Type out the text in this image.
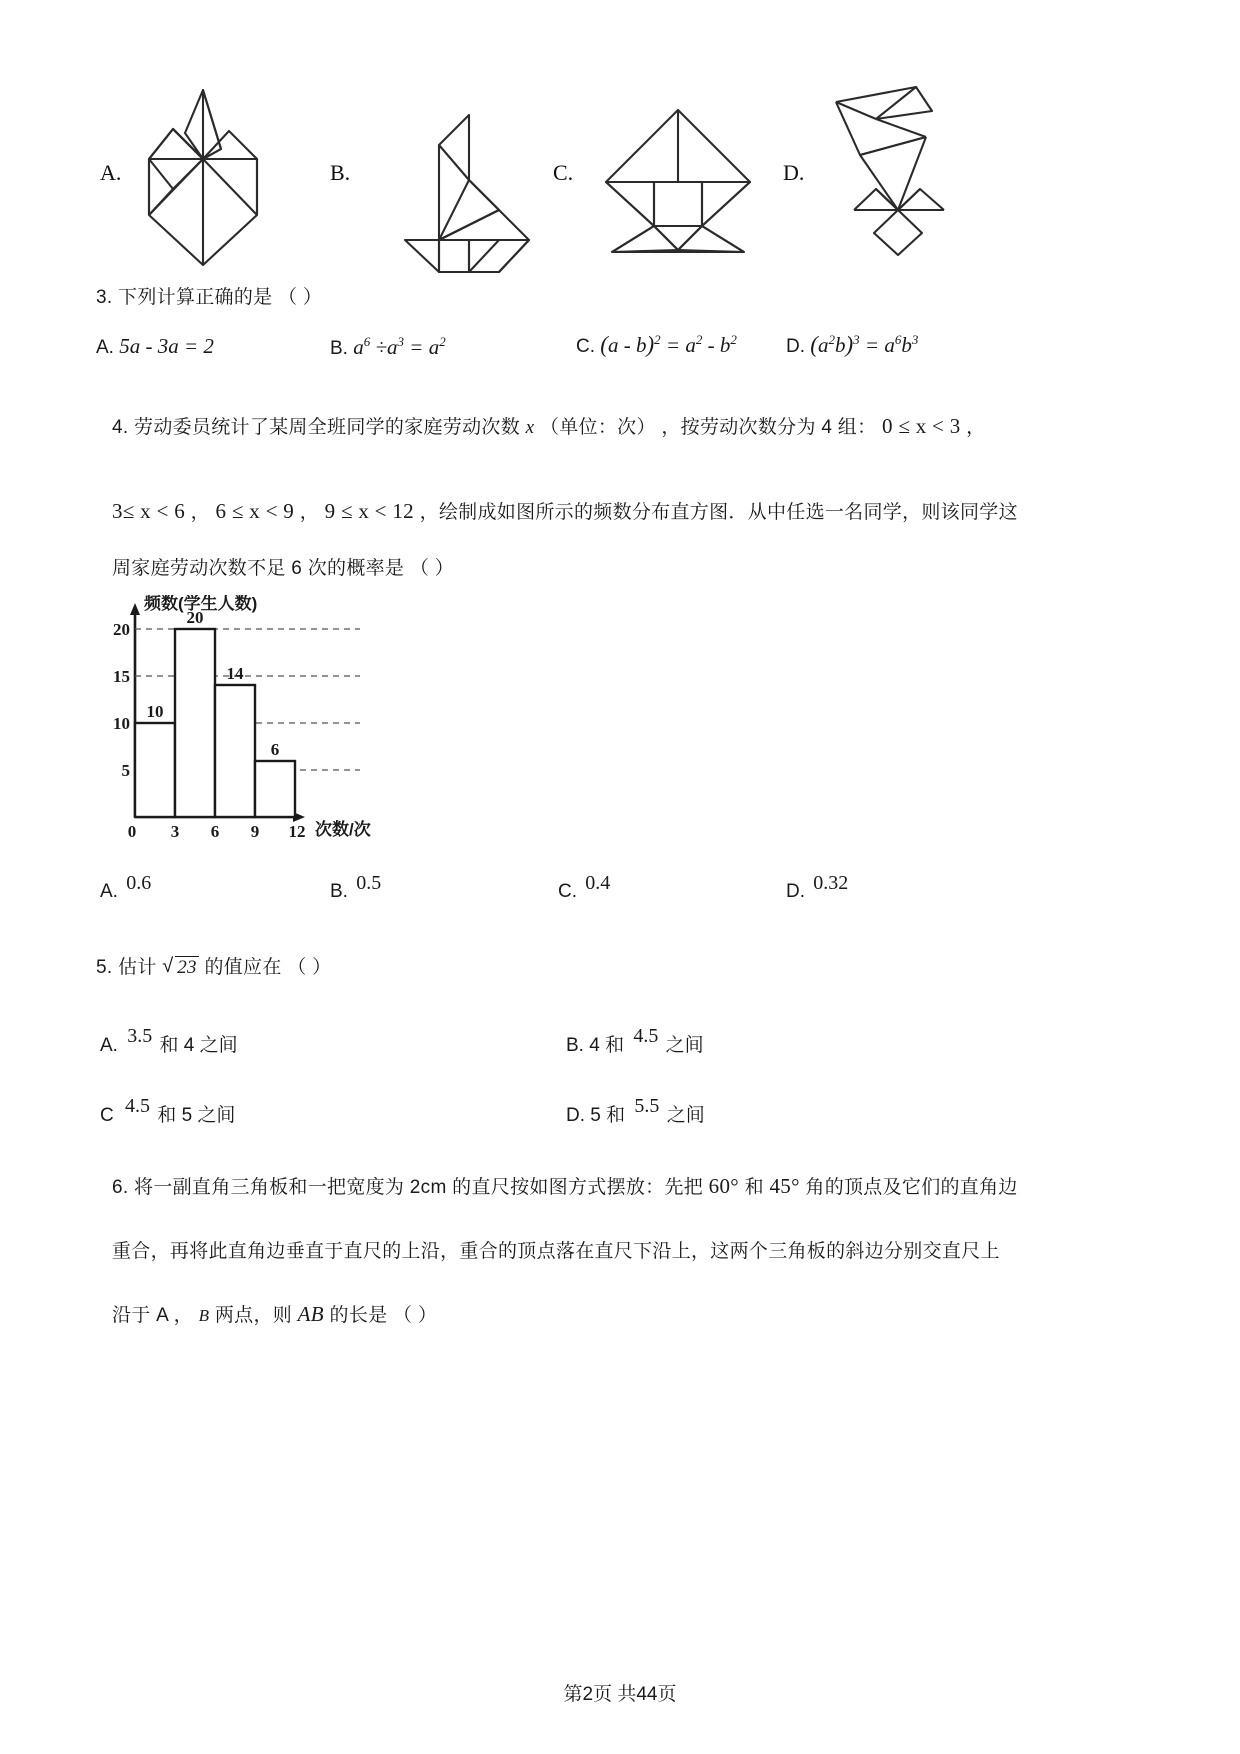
A.	B.	C.	D.
3. 下列计算正确的是 （ ）
A. 5a - 3a = 2	B. $a^6 \div a^3 = a^2$	C. $(a - b)^2 = a^2 - b^2$	D. $(a^2b)^3 = a^6b^3$
4. 劳动委员统计了某周全班同学的家庭劳动次数 x （单位：次） ，按劳动次数分为 4 组： 0 ≤ x < 3 ，
3≤ x < 6 ， 6 ≤ x < 9 ， 9 ≤ x < 12 ，绘制成如图所示的频数分布直方图．从中任选一名同学，则该同学这
周家庭劳动次数不足 6 次的概率是 （ ）
5
10
15
20
10
20
14
6
0 3 6 9 12
频数(学生人数)
次数/次
A. 0.6	B. 0.5	C. 0.4	D. 0.32
5. 估计 √ 23 的值应在 （ ）
A. 3.5 和 4 之间	B. 4 和 4.5 之间
C 4.5 和 5 之间	D. 5 和 5.5 之间
6. 将一副直角三角板和一把宽度为 2cm 的直尺按如图方式摆放：先把 60° 和 45° 角的顶点及它们的直角边
重合，再将此直角边垂直于直尺的上沿，重合的顶点落在直尺下沿上，这两个三角板的斜边分别交直尺上
沿于 A ， B 两点，则 AB 的长是 （ ）
第2页 共44页
